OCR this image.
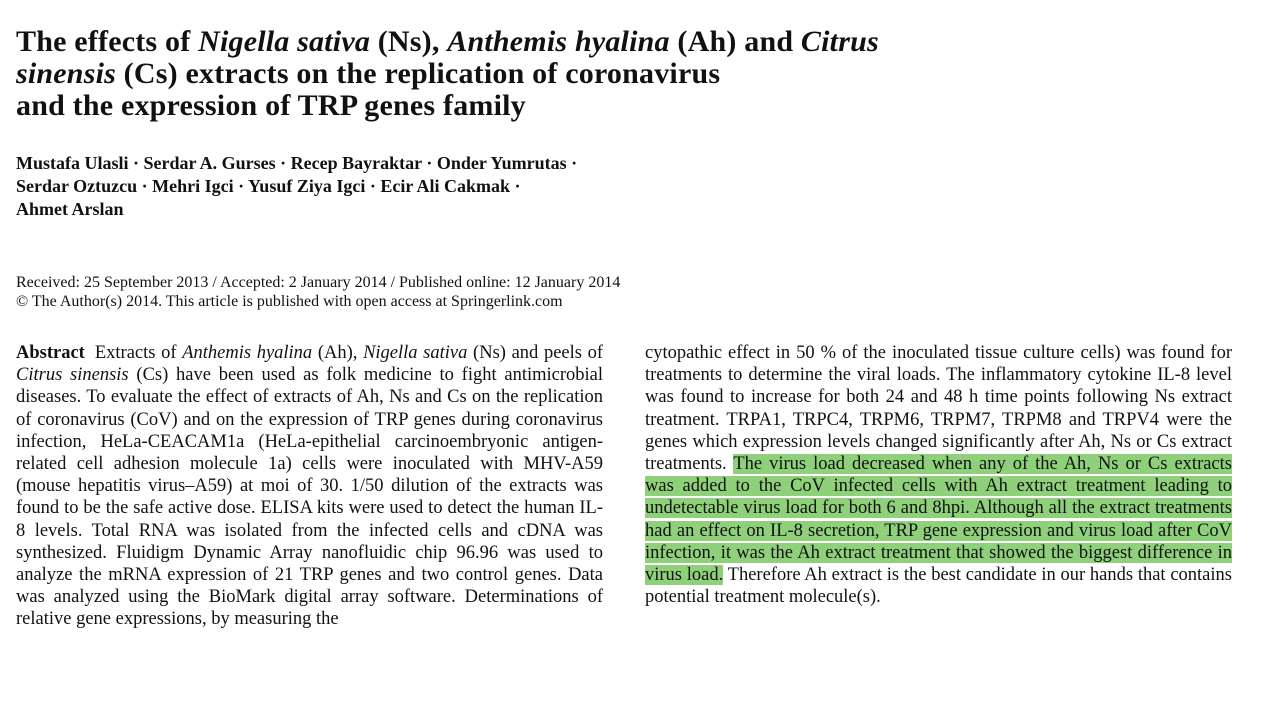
The effects of Nigella sativa (Ns), Anthemis hyalina (Ah) and Citrus
sinensis (Cs) extracts on the replication of coronavirus
and the expression of TRP genes family
Mustafa Ulasli · Serdar A. Gurses · Recep Bayraktar · Onder Yumrutas ·
Serdar Oztuzcu · Mehri Igci · Yusuf Ziya Igci · Ecir Ali Cakmak ·
Ahmet Arslan
Received: 25 September 2013 / Accepted: 2 January 2014 / Published online: 12 January 2014
© The Author(s) 2014. This article is published with open access at Springerlink.com
Abstract Extracts of Anthemis hyalina (Ah), Nigella sativa (Ns) and peels of Citrus sinensis (Cs) have been used as folk medicine to fight antimicrobial diseases. To evaluate the effect of extracts of Ah, Ns and Cs on the replication of coronavirus (CoV) and on the expression of TRP genes during coronavirus infection, HeLa-CEACAM1a (HeLa-epithelial carcinoembryonic antigen-related cell adhesion molecule 1a) cells were inoculated with MHV-A59 (mouse hepatitis virus–A59) at moi of 30. 1/50 dilution of the extracts was found to be the safe active dose. ELISA kits were used to detect the human IL-8 levels. Total RNA was isolated from the infected cells and cDNA was synthesized. Fluidigm Dynamic Array nanofluidic chip 96.96 was used to analyze the mRNA expression of 21 TRP genes and two control genes. Data was analyzed using the BioMark digital array software. Determinations of relative gene expressions, by measuring the
cytopathic effect in 50 % of the inoculated tissue culture cells) was found for treatments to determine the viral loads. The inflammatory cytokine IL-8 level was found to increase for both 24 and 48 h time points following Ns extract treatment. TRPA1, TRPC4, TRPM6, TRPM7, TRPM8 and TRPV4 were the genes which expression levels changed significantly after Ah, Ns or Cs extract treatments. The virus load decreased when any of the Ah, Ns or Cs extracts was added to the CoV infected cells with Ah extract treatment leading to undetectable virus load for both 6 and 8hpi. Although all the extract treatments had an effect on IL-8 secretion, TRP gene expression and virus load after CoV infection, it was the Ah extract treatment that showed the biggest difference in virus load. Therefore Ah extract is the best candidate in our hands that contains potential treatment molecule(s).
